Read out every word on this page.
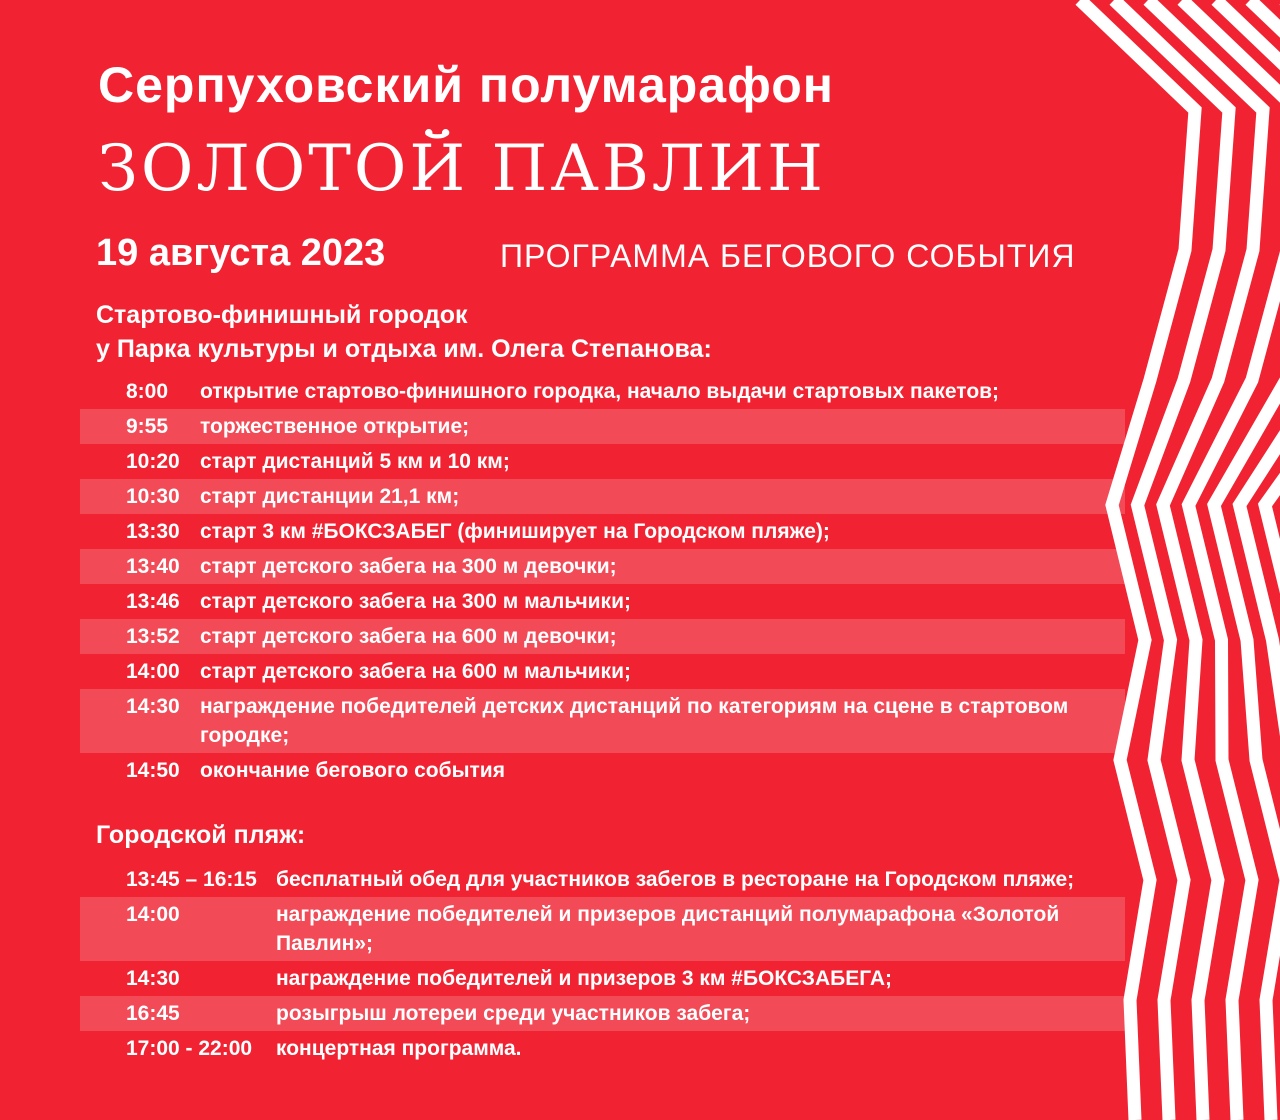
Серпуховский полумарафон
ЗОЛОТОЙ ПАВЛИН
19 августа 2023	ПРОГРАММА БЕГОВОГО СОБЫТИЯ
Стартово-финишный городок
у Парка культуры и отдыха им. Олега Степанова:
8:00	открытие стартово-финишного городка, начало выдачи стартовых пакетов;
9:55	торжественное открытие;
10:20 старт дистанций 5 км и 10 км;
10:30 старт дистанции 21,1 км;
13:30 старт 3 км #БОКСЗАБЕГ (финиширует на Городском пляже);
13:40 старт детского забега на 300 м девочки;
13:46 старт детского забега на 300 м мальчики;
13:52 старт детского забега на 600 м девочки;
14:00 старт детского забега на 600 м мальчики;
14:30 награждение победителей детских дистанций по категориям на сцене в стартовом городке;
14:50 окончание бегового события
Городской пляж:
13:45 – 16:15 бесплатный обед для участников забегов в ресторане на Городском пляже;
14:00	награждение победителей и призеров дистанций полумарафона «Золотой Павлин»;
14:30	награждение победителей и призеров 3 км #БОКСЗАБЕГА;
16:45	розыгрыш лотереи среди участников забега;
17:00 - 22:00	концертная программа.
